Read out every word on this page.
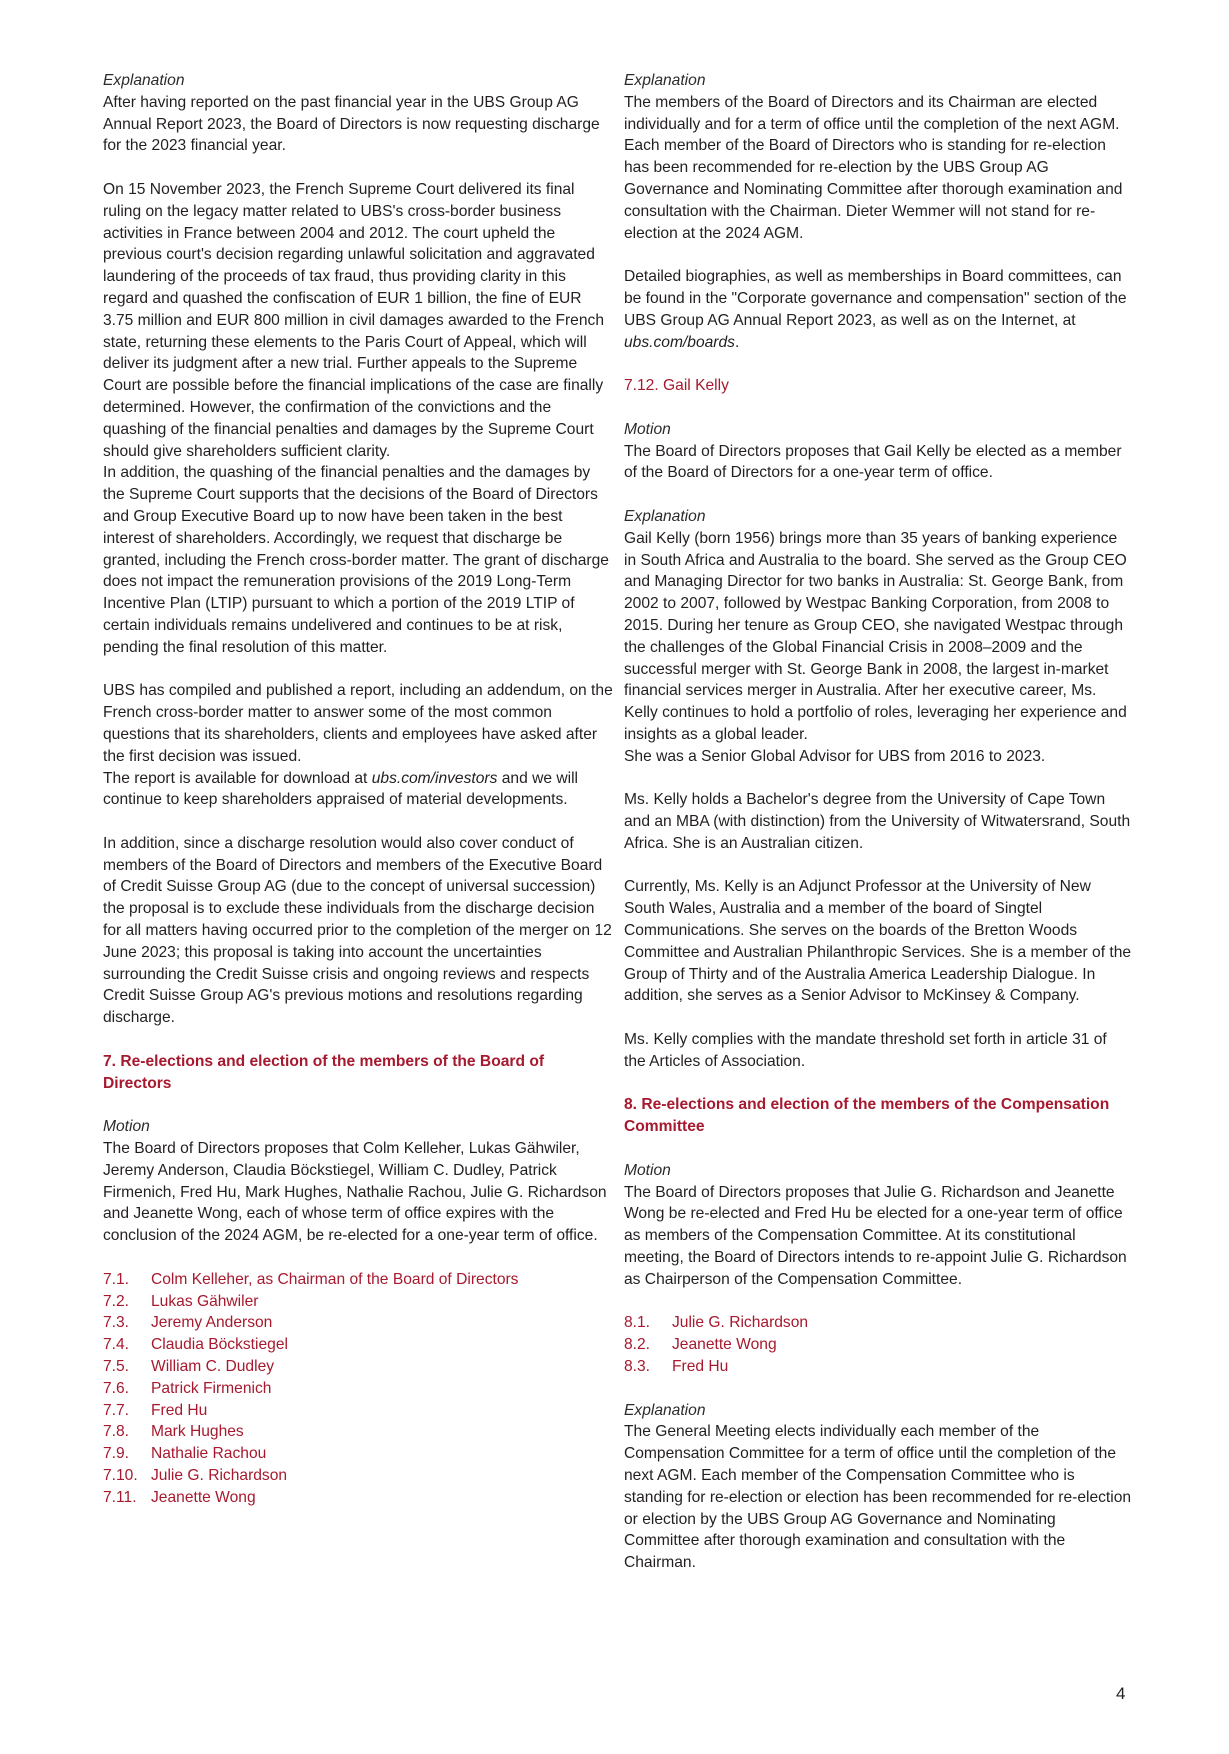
Explanation

After having reported on the past financial year in the UBS Group AG Annual Report 2023, the Board of Directors is now requesting discharge for the 2023 financial year.

On 15 November 2023, the French Supreme Court delivered its final ruling on the legacy matter related to UBS's cross-border business activities in France between 2004 and 2012. The court upheld the previous court's decision regarding unlawful solicitation and aggravated laundering of the proceeds of tax fraud, thus providing clarity in this regard and quashed the confiscation of EUR 1 billion, the fine of EUR 3.75 million and EUR 800 million in civil damages awarded to the French state, returning these elements to the Paris Court of Appeal, which will deliver its judgment after a new trial. Further appeals to the Supreme Court are possible before the financial implications of the case are finally determined. However, the confirmation of the convictions and the quashing of the financial penalties and damages by the Supreme Court should give shareholders sufficient clarity.

In addition, the quashing of the financial penalties and the damages by the Supreme Court supports that the decisions of the Board of Directors and Group Executive Board up to now have been taken in the best interest of shareholders. Accordingly, we request that discharge be granted, including the French cross-border matter. The grant of discharge does not impact the remuneration provisions of the 2019 Long-Term Incentive Plan (LTIP) pursuant to which a portion of the 2019 LTIP of certain individuals remains undelivered and continues to be at risk, pending the final resolution of this matter.

UBS has compiled and published a report, including an addendum, on the French cross-border matter to answer some of the most common questions that its shareholders, clients and employees have asked after the first decision was issued.

The report is available for download at ubs.com/investors and we will continue to keep shareholders appraised of material developments.

In addition, since a discharge resolution would also cover conduct of members of the Board of Directors and members of the Executive Board of Credit Suisse Group AG (due to the concept of universal succession) the proposal is to exclude these individuals from the discharge decision for all matters having occurred prior to the completion of the merger on 12 June 2023; this proposal is taking into account the uncertainties surrounding the Credit Suisse crisis and ongoing reviews and respects Credit Suisse Group AG's previous motions and resolutions regarding discharge.

7. Re-elections and election of the members of the Board of Directors
Motion

The Board of Directors proposes that Colm Kelleher, Lukas Gähwiler, Jeremy Anderson, Claudia Böckstiegel, William C. Dudley, Patrick Firmenich, Fred Hu, Mark Hughes, Nathalie Rachou, Julie G. Richardson and Jeanette Wong, each of whose term of office expires with the conclusion of the 2024 AGM, be re-elected for a one-year term of office.

7.1.	Colm Kelleher, as Chairman of the Board of Directors
7.2.	Lukas Gähwiler
7.3.	Jeremy Anderson
7.4.	Claudia Böckstiegel
7.5.	William C. Dudley
7.6.	Patrick Firmenich
7.7.	Fred Hu
7.8.	Mark Hughes
7.9.	Nathalie Rachou
7.10. Julie G. Richardson
7.11. Jeanette Wong
Explanation

The members of the Board of Directors and its Chairman are elected individually and for a term of office until the completion of the next AGM. Each member of the Board of Directors who is standing for re-election has been recommended for re-election by the UBS Group AG Governance and Nominating Committee after thorough examination and consultation with the Chairman. Dieter Wemmer will not stand for re-election at the 2024 AGM.

Detailed biographies, as well as memberships in Board committees, can be found in the "Corporate governance and compensation" section of the UBS Group AG Annual Report 2023, as well as on the Internet, at ubs.com/boards.

7.12. Gail Kelly
Motion

The Board of Directors proposes that Gail Kelly be elected as a member of the Board of Directors for a one-year term of office.

Explanation

Gail Kelly (born 1956) brings more than 35 years of banking experience in South Africa and Australia to the board. She served as the Group CEO and Managing Director for two banks in Australia: St. George Bank, from 2002 to 2007, followed by Westpac Banking Corporation, from 2008 to 2015. During her tenure as Group CEO, she navigated Westpac through the challenges of the Global Financial Crisis in 2008–2009 and the successful merger with St. George Bank in 2008, the largest in-market financial services merger in Australia. After her executive career, Ms. Kelly continues to hold a portfolio of roles, leveraging her experience and insights as a global leader.

She was a Senior Global Advisor for UBS from 2016 to 2023.

Ms. Kelly holds a Bachelor's degree from the University of Cape Town and an MBA (with distinction) from the University of Witwatersrand, South Africa. She is an Australian citizen.

Currently, Ms. Kelly is an Adjunct Professor at the University of New South Wales, Australia and a member of the board of Singtel Communications. She serves on the boards of the Bretton Woods Committee and Australian Philanthropic Services. She is a member of the Group of Thirty and of the Australia America Leadership Dialogue. In addition, she serves as a Senior Advisor to McKinsey & Company.

Ms. Kelly complies with the mandate threshold set forth in article 31 of the Articles of Association.

8. Re-elections and election of the members of the Compensation Committee
Motion

The Board of Directors proposes that Julie G. Richardson and Jeanette Wong be re-elected and Fred Hu be elected for a one-year term of office as members of the Compensation Committee. At its constitutional meeting, the Board of Directors intends to re-appoint Julie G. Richardson as Chairperson of the Compensation Committee.

8.1.	Julie G. Richardson
8.2.	Jeanette Wong
8.3.	Fred Hu
Explanation

The General Meeting elects individually each member of the Compensation Committee for a term of office until the completion of the next AGM. Each member of the Compensation Committee who is standing for re-election or election has been recommended for re-election or election by the UBS Group AG Governance and Nominating Committee after thorough examination and consultation with the Chairman.

4
